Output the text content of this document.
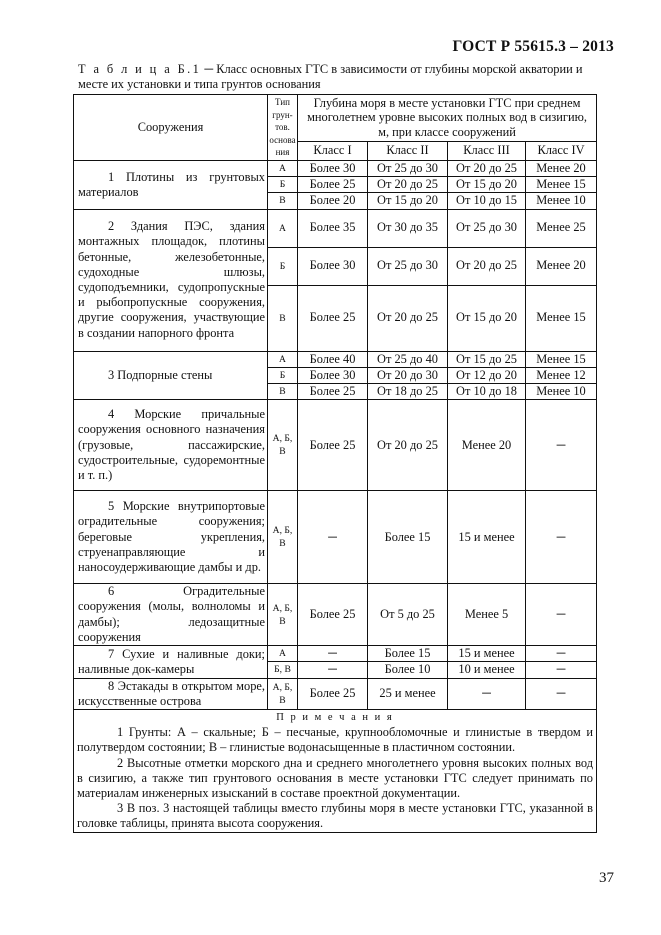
ГОСТ Р 55615.3 – 2013
Т а б л и ц а Б.1 ─ Класс основных ГТС в зависимости от глубины морской акватории и месте их установки и типа грунтов основания
Сооружения	Тип
грун-
тов.
основа
ния	Глубина моря в месте установки ГТС при среднем многолетнем уровне высоких полных вод в сизигию, м, при классе сооружений			
		Класс I	Класс II	Класс III	Класс IV
1 Плотины из грунтовых материалов	А	Более 30	От 25 до 30	От 20 до 25	Менее 20
	Б	Более 25	От 20 до 25	От 15 до 20	Менее 15
	В	Более 20	От 15 до 20	От 10 до 15	Менее 10
2 Здания ПЭС, здания монтажных площадок, плотины бетонные, железобетонные, судоходные шлюзы, судоподъемники, судопропускные и рыбопропускные сооружения, другие сооружения, участвующие в создании напорного фронта	А	Более 35	От 30 до 35	От 25 до 30	Менее 25
	Б	Более 30	От 25 до 30	От 20 до 25	Менее 20
	В	Более 25	От 20 до 25	От 15 до 20	Менее 15
3 Подпорные стены	А	Более 40	От 25 до 40	От 15 до 25	Менее 15
	Б	Более 30	От 20 до 30	От 12 до 20	Менее 12
	В	Более 25	От 18 до 25	От 10 до 18	Менее 10
4 Морские причальные сооружения основного назначения (грузовые, пассажирские, судостроительные, судоремонтные и т. п.)	А, Б, В	Более 25	От 20 до 25	Менее 20	─
5 Морские внутрипортовые оградительные сооружения; береговые укрепления, струенаправляющие и наносоудерживающие дамбы и др.	А, Б, В	─	Более 15	15 и менее	─
6 Оградительные сооружения (молы, волноломы и дамбы); ледозащитные сооружения	А, Б, В	Более 25	От 5 до 25	Менее 5	─
7 Сухие и наливные доки; наливные док-камеры	А	─	Более 15	15 и менее	─
	Б, В	─	Более 10	10 и менее	─
8 Эстакады в открытом море, искусственные острова	А, Б, В	Более 25	25 и менее	─	─

П р и м е ч а н и я
1 Грунты: А – скальные; Б – песчаные, крупнообломочные и глинистые в твердом и полутвердом состоянии; В – глинистые водонасыщенные в пластичном состоянии.
2 Высотные отметки морского дна и среднего многолетнего уровня высоких полных вод в сизигию, а также тип грунтового основания в месте установки ГТС следует принимать по материалам инженерных изысканий в составе проектной документации.
3 В поз. 3 настоящей таблицы вместо глубины моря в месте установки ГТС, указанной в головке таблицы, принята высота сооружения.					
37
